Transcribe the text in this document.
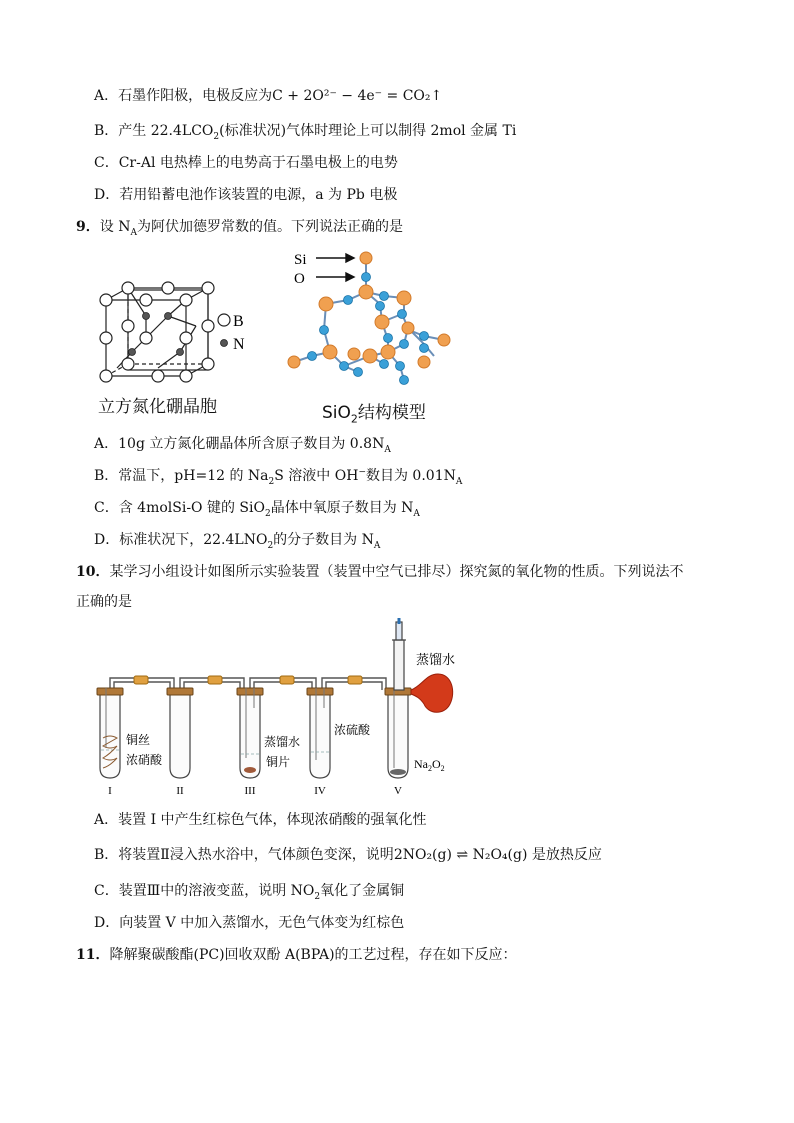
A．石墨作阳极，电极反应为C + 2O²⁻ − 4e⁻ = CO₂↑
B．产生 $22.4LCO_2$(标准状况)气体时理论上可以制得 2mol 金属 Ti
C．Cr-Al 电热棒上的电势高于石墨电极上的电势
D．若用铅蓄电池作该装置的电源，a 为 Pb 电极
9．设 $N_A$为阿伏加德罗常数的值。下列说法正确的是
B
N
立方氮化硼晶胞
Si
O
SiO$_2$结构模型
A．10g 立方氮化硼晶体所含原子数目为 $0.8N_A$
B．常温下，pH=12 的 $Na_2S$ 溶液中 OH−数目为 $0.01N_A$
C．含 4molSi-O 键的 SiO$_2$晶体中氧原子数目为 $N_A$
D．标准状况下，$22.4LNO_2$的分子数目为 $N_A$
10．某学习小组设计如图所示实验装置（装置中空气已排尽）探究氮的氧化物的性质。下列说法不
正确的是
蒸馏水
铜丝
浓硝酸
蒸馏水
铜片
浓硫酸
$Na_2O_2$
I	II	III	IV	V
A．装置 I 中产生红棕色气体，体现浓硝酸的强氧化性
B．将装置Ⅱ浸入热水浴中，气体颜色变深，说明2NO₂(g) ⇌ N₂O₄(g) 是放热反应
C．装置Ⅲ中的溶液变蓝，说明 $NO_2$氧化了金属铜
D．向装置 V 中加入蒸馏水，无色气体变为红棕色
11．降解聚碳酸酯(PC)回收双酚 A(BPA)的工艺过程，存在如下反应：
